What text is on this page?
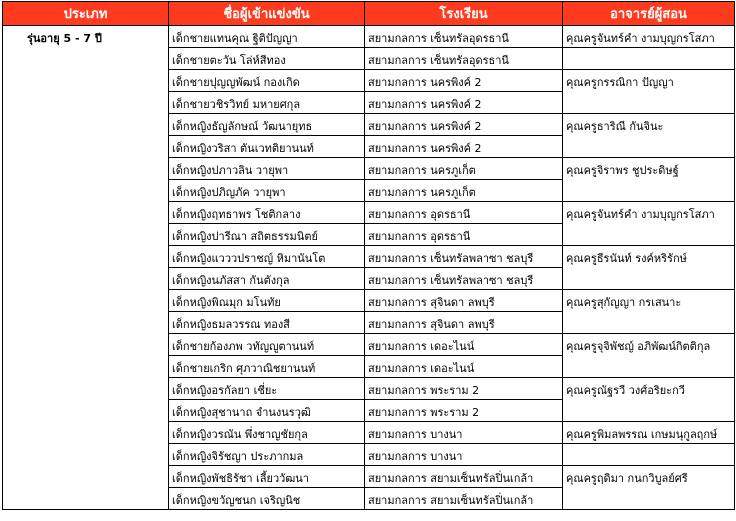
ประเภท	ชื่อผู้เข้าแข่งขัน	โรงเรียน	อาจารย์ผู้สอน
รุ่นอายุ 5 - 7 ปี	เด็กชายแทนคุณ ฐิติปัญญา	สยามกลการ เซ็นทรัลอุดรธานี	คุณครูจันทร์คำ งามบุญกรโสภา
	เด็กชายตะวัน โล่ห์สีทอง	สยามกลการ เซ็นทรัลอุดรธานี	
	เด็กชายปุญญพัฒน์ กองเกิด	สยามกลการ นครพิงค์ 2	คุณครูกรรณิกา ปัญญา
	เด็กชายวชิรวิทย์ มหายศกุล	สยามกลการ นครพิงค์ 2	
	เด็กหญิงธัญลักษณ์ วัฒนายุทธ	สยามกลการ นครพิงค์ 2	คุณครูธาริณี กันจินะ
	เด็กหญิงวริสา ตันเวทติยานนท์	สยามกลการ นครพิงค์ 2	
	เด็กหญิงปภาวลิน วายุพา	สยามกลการ นครภูเก็ต	คุณครูจิราพร ชูประดิษฐ์
	เด็กหญิงปภิญภัค วายุพา	สยามกลการ นครภูเก็ต	
	เด็กหญิงฤทธาพร โชติกลาง	สยามกลการ อุดรธานี	คุณครูจันทร์คำ งามบุญกรโสภา
	เด็กหญิงปารีณา สถิตธรรมนิตย์	สยามกลการ อุดรธานี	
	เด็กหญิงแวววปราชญ์ หิมานันโต	สยามกลการ เซ็นทรัลพลาซา ชลบุรี	คุณครูธีรนันท์ รงค์หริรักษ์
	เด็กหญิงนภัสสา กันตังกุล	สยามกลการ เซ็นทรัลพลาซา ชลบุรี	
	เด็กหญิงพิณมุก มโนทัย	สยามกลการ สุจินดา ลพบุรี	คุณครูสุกัญญา กรเสนาะ
	เด็กหญิงธมลวรรณ ทองสี	สยามกลการ สุจินดา ลพบุรี	
	เด็กชายก้องภพ วทัญญูตานนท์	สยามกลการ เดอะไนน์	คุณครูจุจิพัชญ์ อภิพัฒน์กิตติกุล
	เด็กชายเกริก ศุภวาณิชยานนท์	สยามกลการ เดอะไนน์	
	เด็กหญิงอรกัลยา เชี่ยะ	สยามกลการ พระราม 2	คุณครูณัฐรวี วงศ์อริยะกวี
	เด็กหญิงสุชานาถ จำนงนรวุฒิ	สยามกลการ พระราม 2	
	เด็กหญิงวรณัน พึ่งชาญชัยกุล	สยามกลการ บางนา	คุณครูพิมลพรรณ เกษมนุกูลฤกษ์
	เด็กหญิงจิรัชญา ประภากมล	สยามกลการ บางนา	
	เด็กหญิงพัชธิรัชา เลี้ยววัฒนา	สยามกลการ สยามเซ็นทรัลปิ่นเกล้า	คุณครูฤดิมา กนกวิบูลย์ศรี
	เด็กหญิงขวัญชนก เจริญนิช	สยามกลการ สยามเซ็นทรัลปิ่นเกล้า	
